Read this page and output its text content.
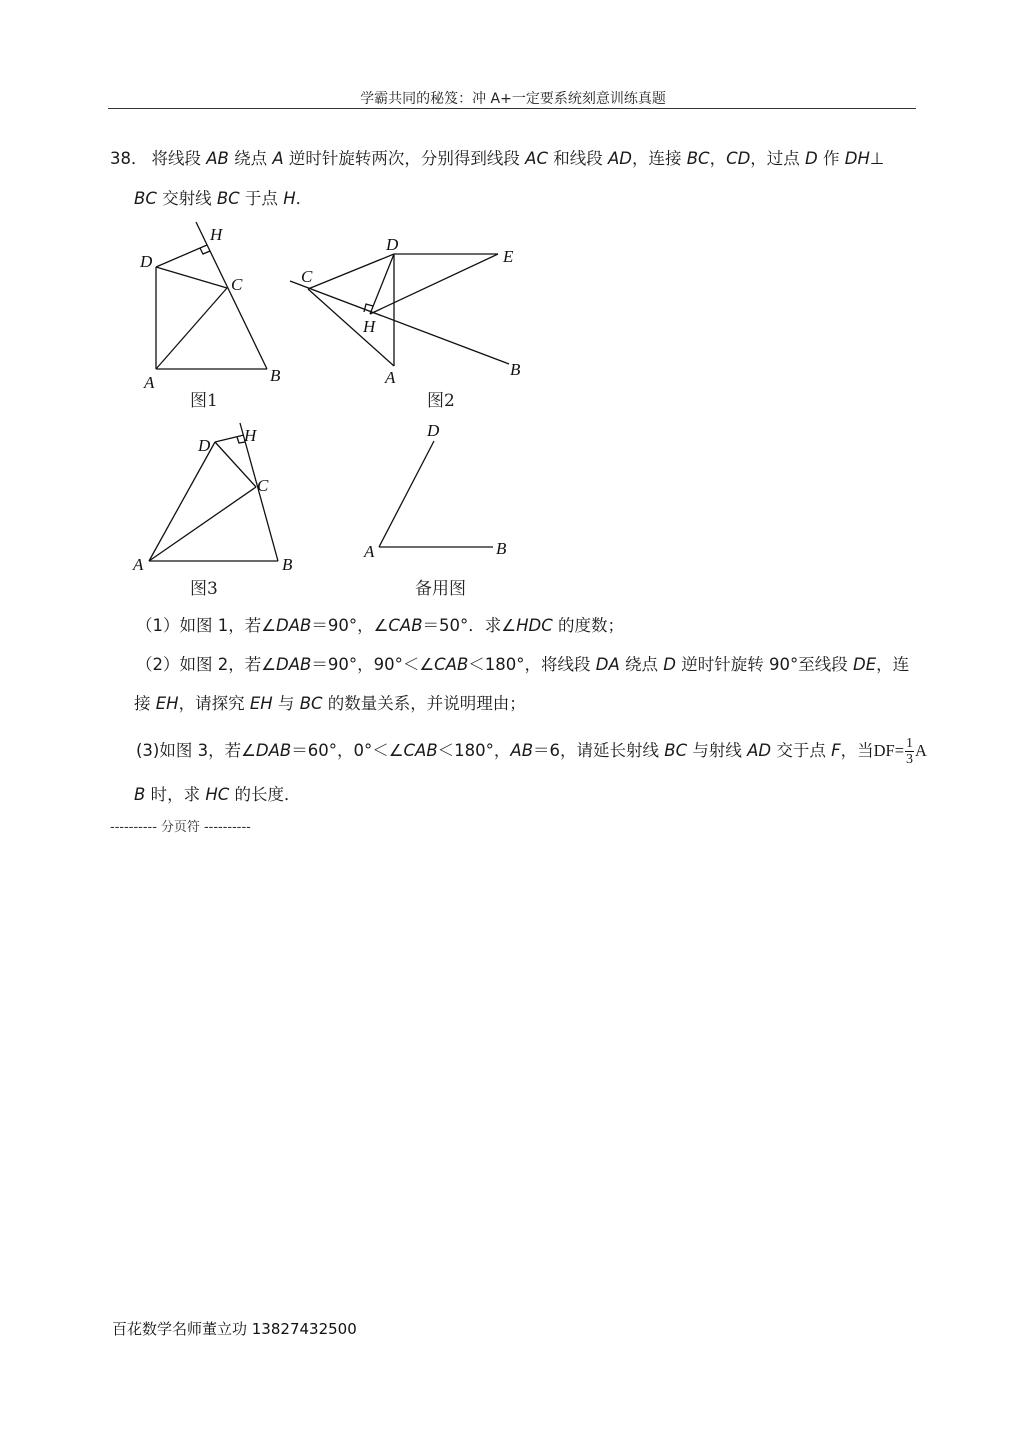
学霸共同的秘笈：冲 A+一定要系统刻意训练真题
38． 将线段 AB 绕点 A 逆时针旋转两次，分别得到线段 AC 和线段 AD，连接 BC，CD，过点 D 作 DH⊥
BC 交射线 BC 于点 H．
D
H
C
A	B
图1
D
E
C
H
A	B
图2
D
H
C
A	B
图3
D
A	B
备用图
（1）如图 1，若∠DAB＝90°，∠CAB＝50°．求∠HDC 的度数；
（2）如图 2，若∠DAB＝90°，90°＜∠CAB＜180°，将线段 DA 绕点 D 逆时针旋转 90°至线段 DE，连
接 EH，请探究 EH 与 BC 的数量关系，并说明理由；
(3)如图 3，若∠DAB＝60°，0°＜∠CAB＜180°，AB＝6，请延长射线 BC 与射线 AD 交于点 F，当$DF= \frac{1}{3}$ A
B 时，求 HC 的长度．
---------- 分页符 ----------
百花数学名师董立功 13827432500
